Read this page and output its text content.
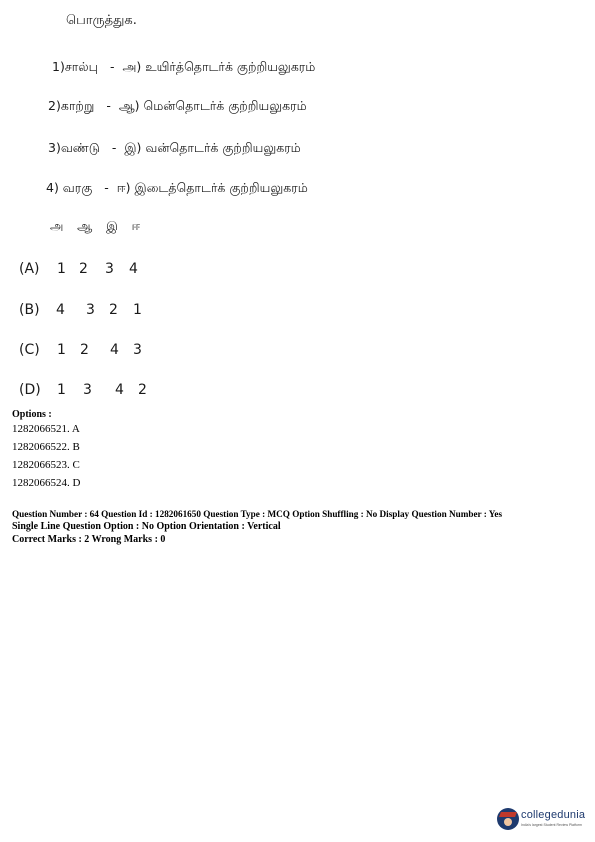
பொருத்துக.
1)சால்பு - அ) உயிர்த்தொடர்க் குற்றியலுகரம்
2)காற்று - ஆ) மென்தொடர்க் குற்றியலுகரம்
3)வண்டு - இ) வன்தொடர்க் குற்றியலுகரம்
4) வரகு - ஈ) இடைத்தொடர்க் குற்றியலுகரம்
அ ஆ இ ஈ
(A) 1 2 3 4
(B) 4 3 2 1
(C) 1 2 4 3
(D) 1 3 4 2
Options :
1282066521. A
1282066522. B
1282066523. C
1282066524. D
Question Number : 64 Question Id : 1282061650 Question Type : MCQ Option Shuffling : No Display Question Number : Yes
Single Line Question Option : No Option Orientation : Vertical
Correct Marks : 2 Wrong Marks : 0
collegedunia
India's largest Student Review Platform
